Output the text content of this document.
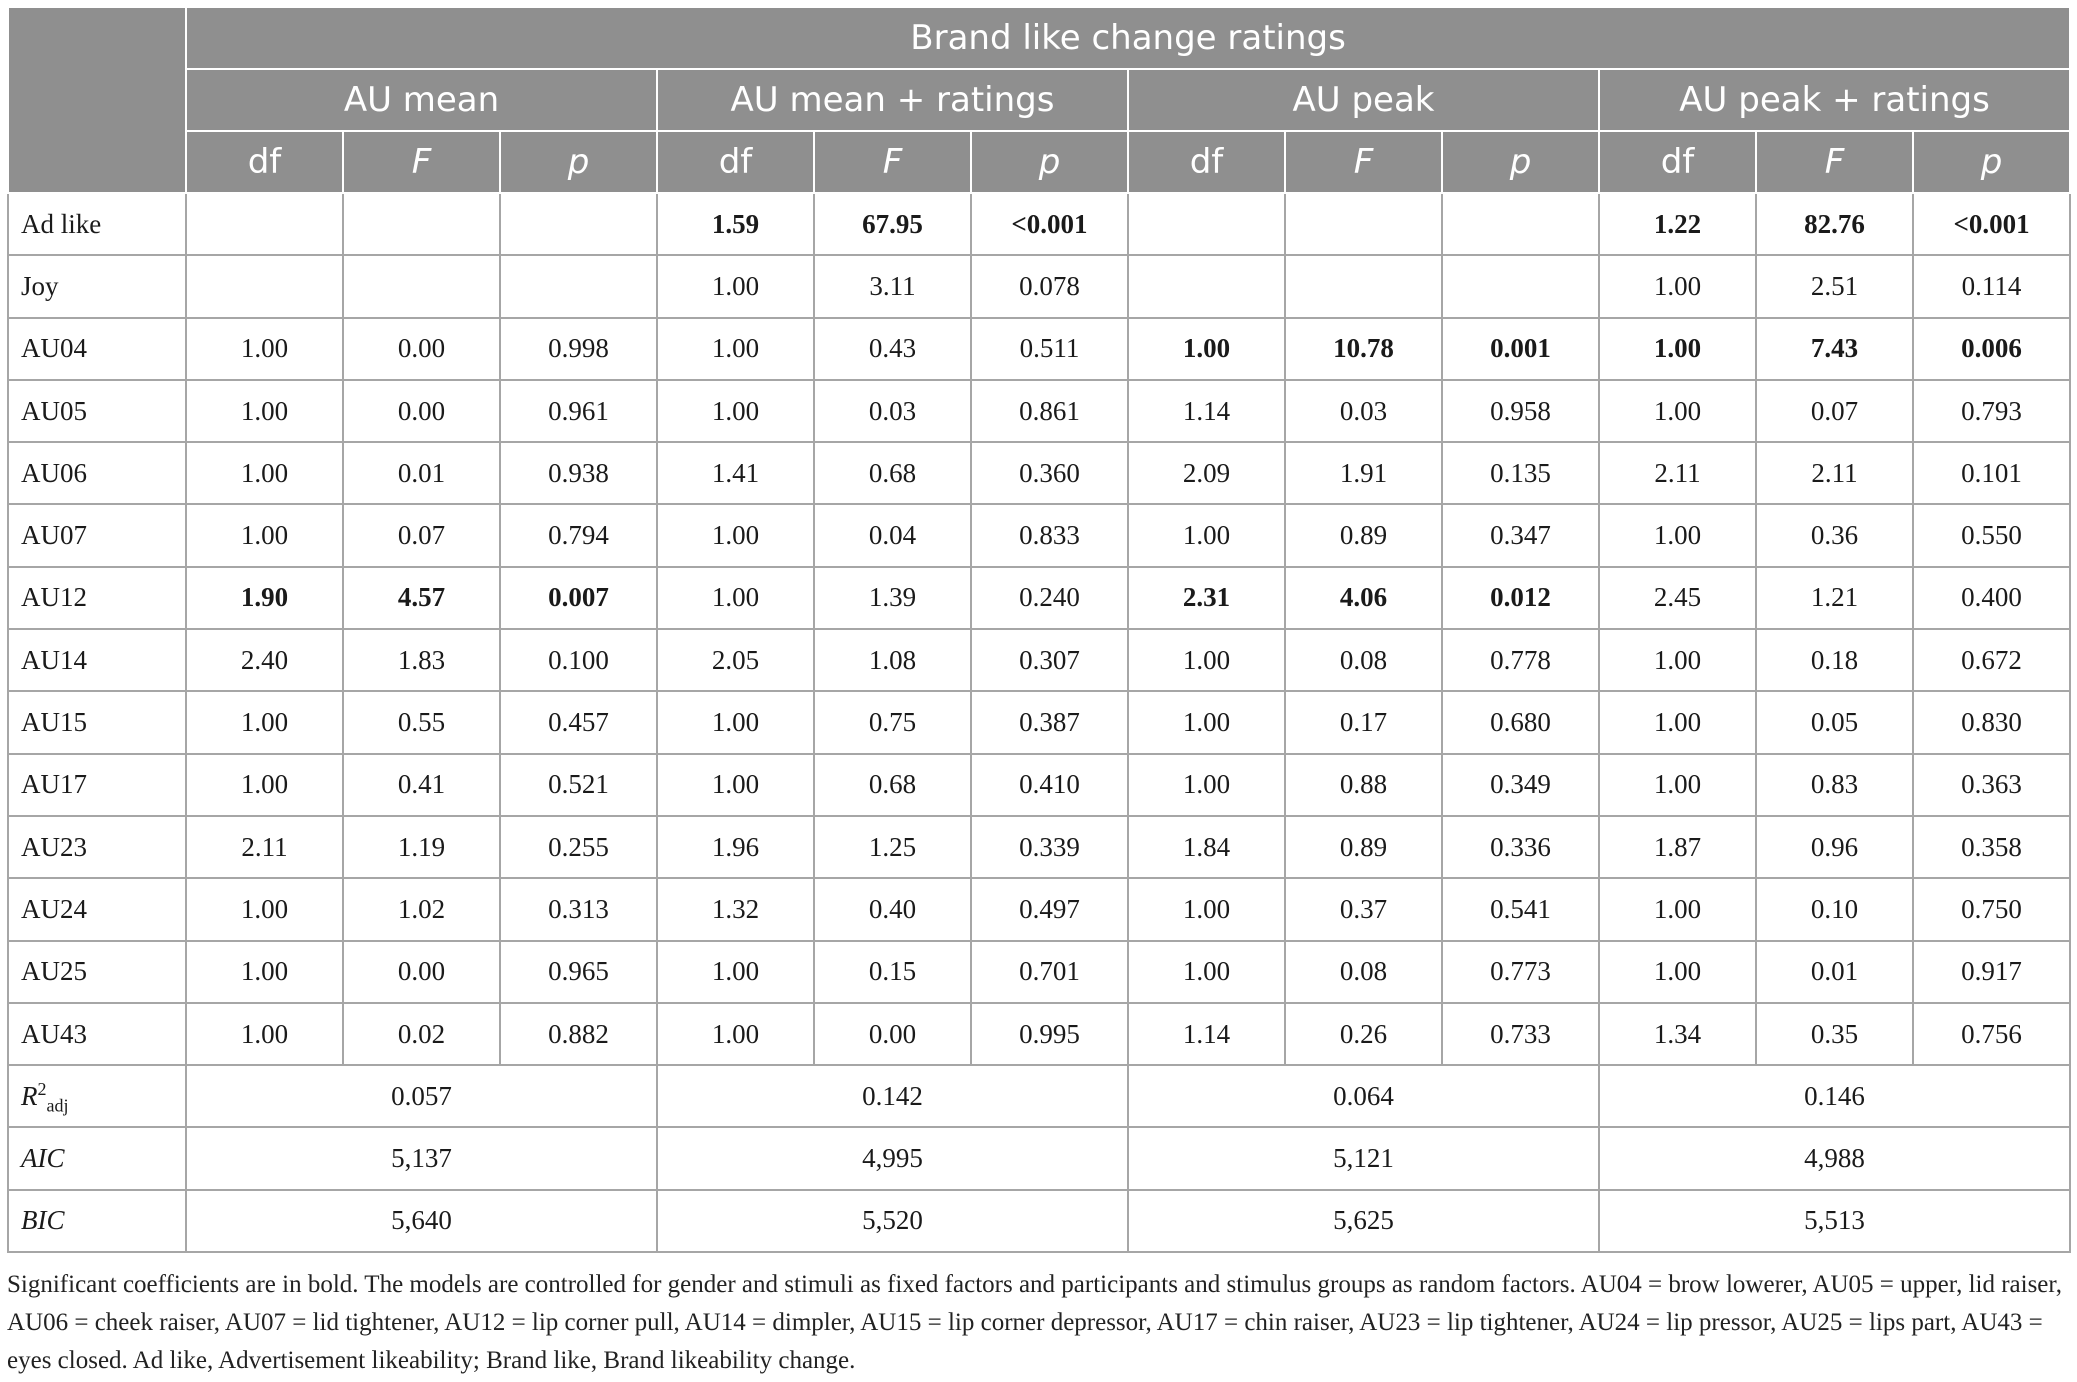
	Brand like change ratings											
	AU mean			AU mean + ratings			AU peak			AU peak + ratings		
	df	F	p	df	F	p	df	F	p	df	F	p
Ad like				1.59	67.95	<0.001				1.22	82.76	<0.001
Joy				1.00	3.11	0.078				1.00	2.51	0.114
AU04	1.00	0.00	0.998	1.00	0.43	0.511	1.00	10.78	0.001	1.00	7.43	0.006
AU05	1.00	0.00	0.961	1.00	0.03	0.861	1.14	0.03	0.958	1.00	0.07	0.793
AU06	1.00	0.01	0.938	1.41	0.68	0.360	2.09	1.91	0.135	2.11	2.11	0.101
AU07	1.00	0.07	0.794	1.00	0.04	0.833	1.00	0.89	0.347	1.00	0.36	0.550
AU12	1.90	4.57	0.007	1.00	1.39	0.240	2.31	4.06	0.012	2.45	1.21	0.400
AU14	2.40	1.83	0.100	2.05	1.08	0.307	1.00	0.08	0.778	1.00	0.18	0.672
AU15	1.00	0.55	0.457	1.00	0.75	0.387	1.00	0.17	0.680	1.00	0.05	0.830
AU17	1.00	0.41	0.521	1.00	0.68	0.410	1.00	0.88	0.349	1.00	0.83	0.363
AU23	2.11	1.19	0.255	1.96	1.25	0.339	1.84	0.89	0.336	1.87	0.96	0.358
AU24	1.00	1.02	0.313	1.32	0.40	0.497	1.00	0.37	0.541	1.00	0.10	0.750
AU25	1.00	0.00	0.965	1.00	0.15	0.701	1.00	0.08	0.773	1.00	0.01	0.917
AU43	1.00	0.02	0.882	1.00	0.00	0.995	1.14	0.26	0.733	1.34	0.35	0.756
$R^2_{adj}$	0.057			0.142			0.064			0.146		
AIC	5,137			4,995			5,121			4,988		
BIC	5,640			5,520			5,625			5,513		
Significant coefficients are in bold. The models are controlled for gender and stimuli as fixed factors and participants and stimulus groups as random factors. AU04 = brow lowerer, AU05 = upper, lid raiser, AU06 = cheek raiser, AU07 = lid tightener, AU12 = lip corner pull, AU14 = dimpler, AU15 = lip corner depressor, AU17 = chin raiser, AU23 = lip tightener, AU24 = lip pressor, AU25 = lips part, AU43 = eyes closed. Ad like, Advertisement likeability; Brand like, Brand likeability change.
